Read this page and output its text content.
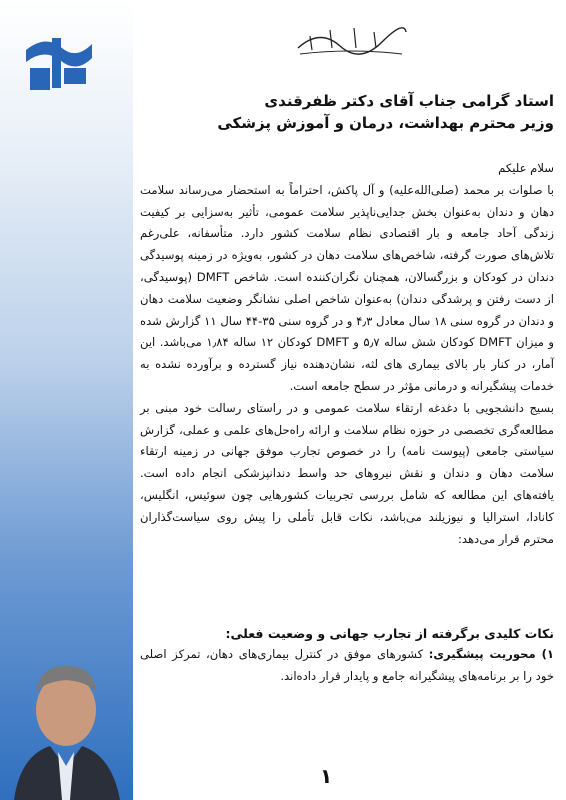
استاد گرامی جناب آقای دکتر ظفرقندی
وزیر محترم بهداشت، درمان و آموزش پزشکی

سلام علیکم

با صلوات بر محمد (صلی‌الله‌علیه) و آل پاکش، احتراماً به استحضار می‌رساند سلامت دهان و دندان به‌عنوان بخش جدایی‌ناپذیر سلامت عمومی، تأثیر به‌سزایی بر کیفیت زندگی آحاد جامعه و بار اقتصادی نظام سلامت کشور دارد. متأسفانه، علی‌رغم تلاش‌های صورت گرفته، شاخص‌های سلامت دهان در کشور، به‌ویژه در زمینه پوسیدگی دندان در کودکان و بزرگسالان، همچنان نگران‌کننده است. شاخص DMFT (پوسیدگی، از دست رفتن و پرشدگی دندان) به‌عنوان شاخص اصلی نشانگر وضعیت سلامت دهان و دندان در گروه سنی ۱۸ سال معادل ۴٫۳ و در گروه سنی ۳۵-۴۴ سال ۱۱ گزارش شده و میزان DMFT کودکان شش ساله ۵٫۷ و DMFT کودکان ۱۲ ساله ۱٫۸۴ می‌باشد. این آمار، در کنار بار بالای بیماری های لثه، نشان‌دهنده نیاز گسترده و برآورده نشده به خدمات پیشگیرانه و درمانی مؤثر در سطح جامعه است.

بسیج دانشجویی با دغدغه ارتقاء سلامت عمومی و در راستای رسالت خود مبنی بر مطالعه‌گری تخصصی در حوزه نظام سلامت و ارائه راه‌حل‌های علمی و عملی، گزارش سیاستی جامعی (پیوست نامه) را در خصوص تجارب موفق جهانی در زمینه ارتقاء سلامت دهان و دندان و نقش نیروهای حد واسط دندانپزشکی انجام داده است. یافته‌های این مطالعه که شامل بررسی تجربیات کشورهایی چون سوئیس، انگلیس، کانادا، استرالیا و نیوزیلند می‌باشد، نکات قابل تأملی را پیش روی سیاست‌گذاران محترم قرار می‌دهد:

نکات کلیدی برگرفته از تجارب جهانی و وضعیت فعلی:
۱) محوریت پیشگیری: کشورهای موفق در کنترل بیماری‌های دهان، تمرکز اصلی خود را بر برنامه‌های پیشگیرانه جامع و پایدار قرار داده‌اند.
۱
